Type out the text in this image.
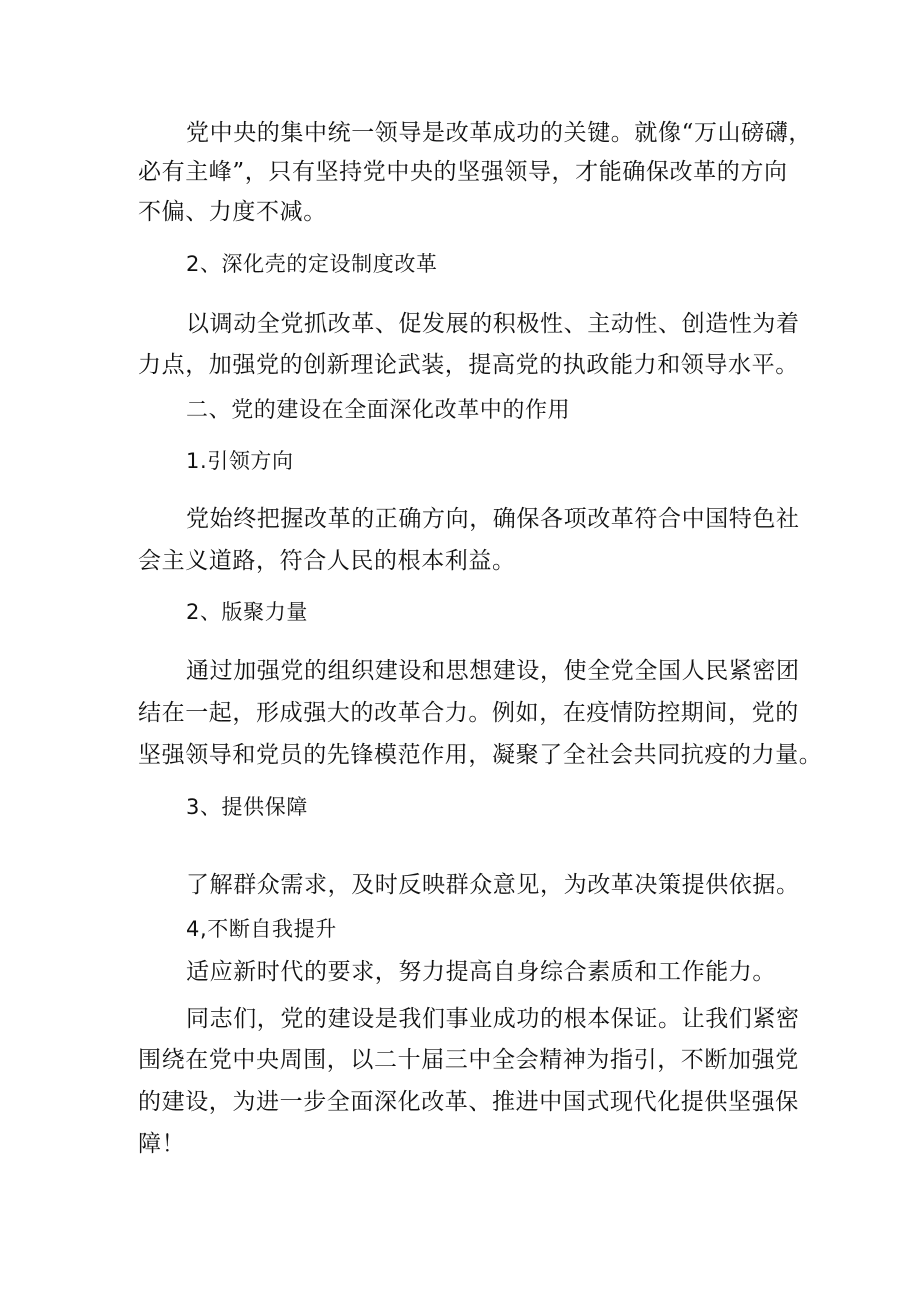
党中央的集中统一领导是改革成功的关键。就像“万山磅礴，
必有主峰”，只有坚持党中央的坚强领导，才能确保改革的方向
不偏、力度不减。
2、深化壳的定设制度改革
以调动全党抓改革、促发展的积极性、主动性、创造性为着
力点，加强党的创新理论武装，提高党的执政能力和领导水平。
二、党的建设在全面深化改革中的作用
1.引领方向
党始终把握改革的正确方向，确保各项改革符合中国特色社
会主义道路，符合人民的根本利益。
2、版聚力量
通过加强党的组织建设和思想建设，使全党全国人民紧密团
结在一起，形成强大的改革合力。例如，在疫情防控期间，党的
坚强领导和党员的先锋模范作用，凝聚了全社会共同抗疫的力量。
3、提供保障
了解群众需求，及时反映群众意见，为改革决策提供依据。
4,不断自我提升
适应新时代的要求，努力提高自身综合素质和工作能力。
同志们，党的建设是我们事业成功的根本保证。让我们紧密
围绕在党中央周围，以二十届三中全会精神为指引，不断加强党
的建设，为进一步全面深化改革、推进中国式现代化提供坚强保
障！
